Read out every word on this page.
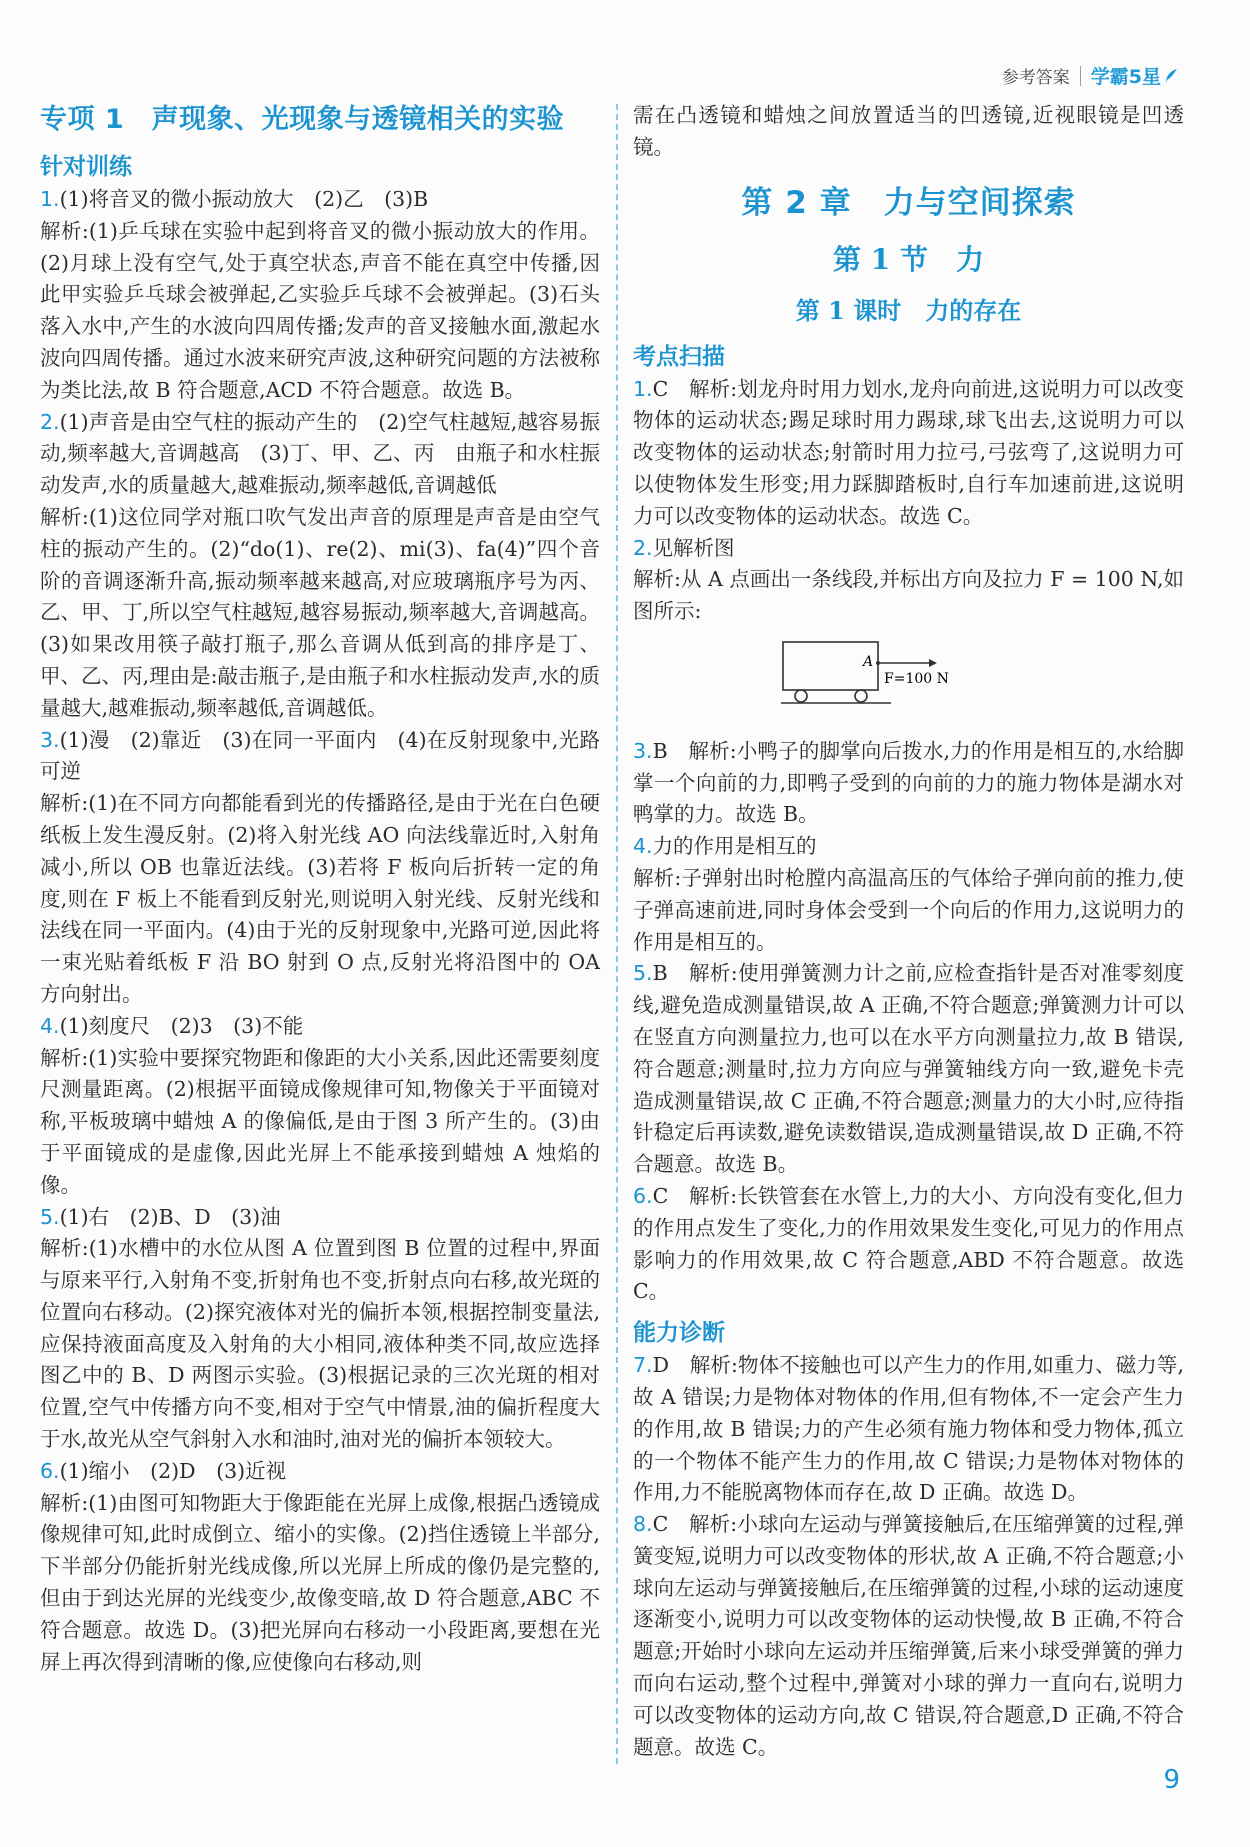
参考答案 学霸5星
专项 1　声现象、光现象与透镜相关的实验
针对训练

1.(1)将音叉的微小振动放大　(2)乙　(3)B

解析:(1)乒乓球在实验中起到将音叉的微小振动放大的作用。(2)月球上没有空气,处于真空状态,声音不能在真空中传播,因此甲实验乒乓球会被弹起,乙实验乒乓球不会被弹起。(3)石头落入水中,产生的水波向四周传播;发声的音叉接触水面,激起水波向四周传播。通过水波来研究声波,这种研究问题的方法被称为类比法,故 B 符合题意,ACD 不符合题意。故选 B。

2.(1)声音是由空气柱的振动产生的　(2)空气柱越短,越容易振动,频率越大,音调越高　(3)丁、甲、乙、丙　由瓶子和水柱振动发声,水的质量越大,越难振动,频率越低,音调越低

解析:(1)这位同学对瓶口吹气发出声音的原理是声音是由空气柱的振动产生的。(2)“do(1)、re(2)、mi(3)、fa(4)”四个音阶的音调逐渐升高,振动频率越来越高,对应玻璃瓶序号为丙、乙、甲、丁,所以空气柱越短,越容易振动,频率越大,音调越高。(3)如果改用筷子敲打瓶子,那么音调从低到高的排序是丁、甲、乙、丙,理由是:敲击瓶子,是由瓶子和水柱振动发声,水的质量越大,越难振动,频率越低,音调越低。

3.(1)漫　(2)靠近　(3)在同一平面内　(4)在反射现象中,光路可逆

解析:(1)在不同方向都能看到光的传播路径,是由于光在白色硬纸板上发生漫反射。(2)将入射光线 AO 向法线靠近时,入射角减小,所以 OB 也靠近法线。(3)若将 F 板向后折转一定的角度,则在 F 板上不能看到反射光,则说明入射光线、反射光线和法线在同一平面内。(4)由于光的反射现象中,光路可逆,因此将一束光贴着纸板 F 沿 BO 射到 O 点,反射光将沿图中的 OA 方向射出。

4.(1)刻度尺　(2)3　(3)不能

解析:(1)实验中要探究物距和像距的大小关系,因此还需要刻度尺测量距离。(2)根据平面镜成像规律可知,物像关于平面镜对称,平板玻璃中蜡烛 A 的像偏低,是由于图 3 所产生的。(3)由于平面镜成的是虚像,因此光屏上不能承接到蜡烛 A 烛焰的像。

5.(1)右　(2)B、D　(3)油

解析:(1)水槽中的水位从图 A 位置到图 B 位置的过程中,界面与原来平行,入射角不变,折射角也不变,折射点向右移,故光斑的位置向右移动。(2)探究液体对光的偏折本领,根据控制变量法,应保持液面高度及入射角的大小相同,液体种类不同,故应选择图乙中的 B、D 两图示实验。(3)根据记录的三次光斑的相对位置,空气中传播方向不变,相对于空气中情景,油的偏折程度大于水,故光从空气斜射入水和油时,油对光的偏折本领较大。

6.(1)缩小　(2)D　(3)近视

解析:(1)由图可知物距大于像距能在光屏上成像,根据凸透镜成像规律可知,此时成倒立、缩小的实像。(2)挡住透镜上半部分,下半部分仍能折射光线成像,所以光屏上所成的像仍是完整的,但由于到达光屏的光线变少,故像变暗,故 D 符合题意,ABC 不符合题意。故选 D。(3)把光屏向右移动一小段距离,要想在光屏上再次得到清晰的像,应使像向右移动,则

需在凸透镜和蜡烛之间放置适当的凹透镜,近视眼镜是凹透镜。

第 2 章　力与空间探索
第 1 节　力
第 1 课时　力的存在
考点扫描

1.C　解析:划龙舟时用力划水,龙舟向前进,这说明力可以改变物体的运动状态;踢足球时用力踢球,球飞出去,这说明力可以改变物体的运动状态;射箭时用力拉弓,弓弦弯了,这说明力可以使物体发生形变;用力踩脚踏板时,自行车加速前进,这说明力可以改变物体的运动状态。故选 C。

2.见解析图

解析:从 A 点画出一条线段,并标出方向及拉力 F = 100 N,如图所示:

A
F=100 N

3.B　解析:小鸭子的脚掌向后拨水,力的作用是相互的,水给脚掌一个向前的力,即鸭子受到的向前的力的施力物体是湖水对鸭掌的力。故选 B。

4.力的作用是相互的

解析:子弹射出时枪膛内高温高压的气体给子弹向前的推力,使子弹高速前进,同时身体会受到一个向后的作用力,这说明力的作用是相互的。

5.B　解析:使用弹簧测力计之前,应检查指针是否对准零刻度线,避免造成测量错误,故 A 正确,不符合题意;弹簧测力计可以在竖直方向测量拉力,也可以在水平方向测量拉力,故 B 错误,符合题意;测量时,拉力方向应与弹簧轴线方向一致,避免卡壳造成测量错误,故 C 正确,不符合题意;测量力的大小时,应待指针稳定后再读数,避免读数错误,造成测量错误,故 D 正确,不符合题意。故选 B。

6.C　解析:长铁管套在水管上,力的大小、方向没有变化,但力的作用点发生了变化,力的作用效果发生变化,可见力的作用点影响力的作用效果,故 C 符合题意,ABD 不符合题意。故选 C。

能力诊断

7.D　解析:物体不接触也可以产生力的作用,如重力、磁力等,故 A 错误;力是物体对物体的作用,但有物体,不一定会产生力的作用,故 B 错误;力的产生必须有施力物体和受力物体,孤立的一个物体不能产生力的作用,故 C 错误;力是物体对物体的作用,力不能脱离物体而存在,故 D 正确。故选 D。

8.C　解析:小球向左运动与弹簧接触后,在压缩弹簧的过程,弹簧变短,说明力可以改变物体的形状,故 A 正确,不符合题意;小球向左运动与弹簧接触后,在压缩弹簧的过程,小球的运动速度逐渐变小,说明力可以改变物体的运动快慢,故 B 正确,不符合题意;开始时小球向左运动并压缩弹簧,后来小球受弹簧的弹力而向右运动,整个过程中,弹簧对小球的弹力一直向右,说明力可以改变物体的运动方向,故 C 错误,符合题意,D 正确,不符合题意。故选 C。

9
